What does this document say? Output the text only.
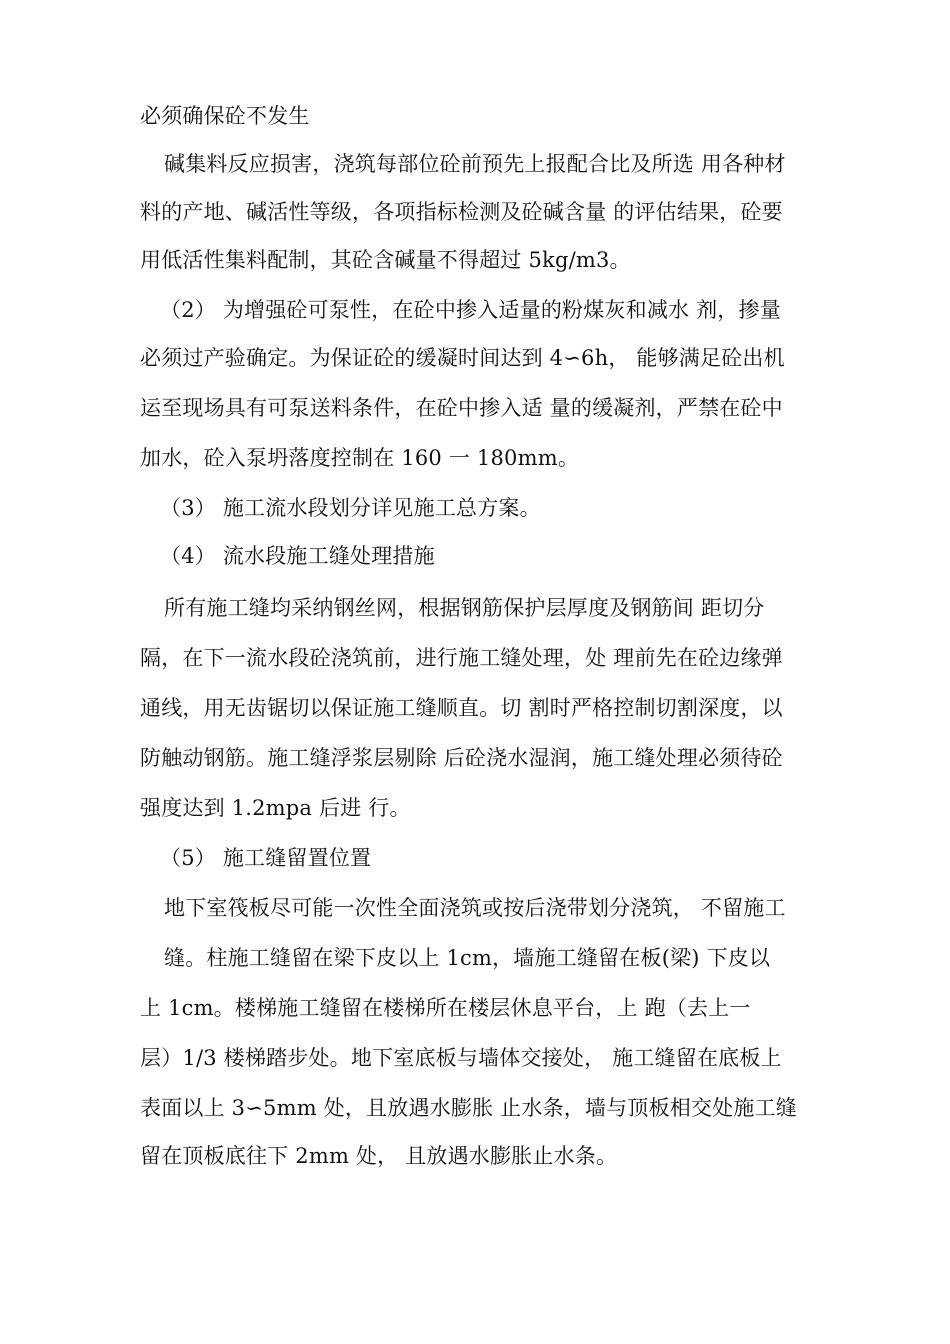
必须确保砼不发生
碱集料反应损害，浇筑每部位砼前预先上报配合比及所选 用各种材
料的产地、碱活性等级，各项指标检测及砼碱含量 的评估结果，砼要
用低活性集料配制，其砼含碱量不得超过 5kg/m3。
（2） 为增强砼可泵性，在砼中掺入适量的粉煤灰和减水 剂，掺量
必须过产验确定。为保证砼的缓凝时间达到 4∽6h， 能够满足砼出机
运至现场具有可泵送料条件，在砼中掺入适 量的缓凝剂，严禁在砼中
加水，砼入泵坍落度控制在 160 一 180mm。
（3） 施工流水段划分详见施工总方案。
（4） 流水段施工缝处理措施
所有施工缝均采纳钢丝网，根据钢筋保护层厚度及钢筋间 距切分
隔，在下一流水段砼浇筑前，进行施工缝处理，处 理前先在砼边缘弹
通线，用无齿锯切以保证施工缝顺直。切 割时严格控制切割深度，以
防触动钢筋。施工缝浮浆层剔除 后砼浇水湿润，施工缝处理必须待砼
强度达到 1.2mpa 后进 行。
（5） 施工缝留置位置
地下室筏板尽可能一次性全面浇筑或按后浇带划分浇筑， 不留施工
缝。柱施工缝留在梁下皮以上 1cm，墙施工缝留在板(梁) 下皮以
上 1cm。楼梯施工缝留在楼梯所在楼层休息平台，上 跑（去上一
层）1/3 楼梯踏步处。地下室底板与墙体交接处， 施工缝留在底板上
表面以上 3∽5mm 处，且放遇水膨胀 止水条，墙与顶板相交处施工缝
留在顶板底往下 2mm 处， 且放遇水膨胀止水条。
